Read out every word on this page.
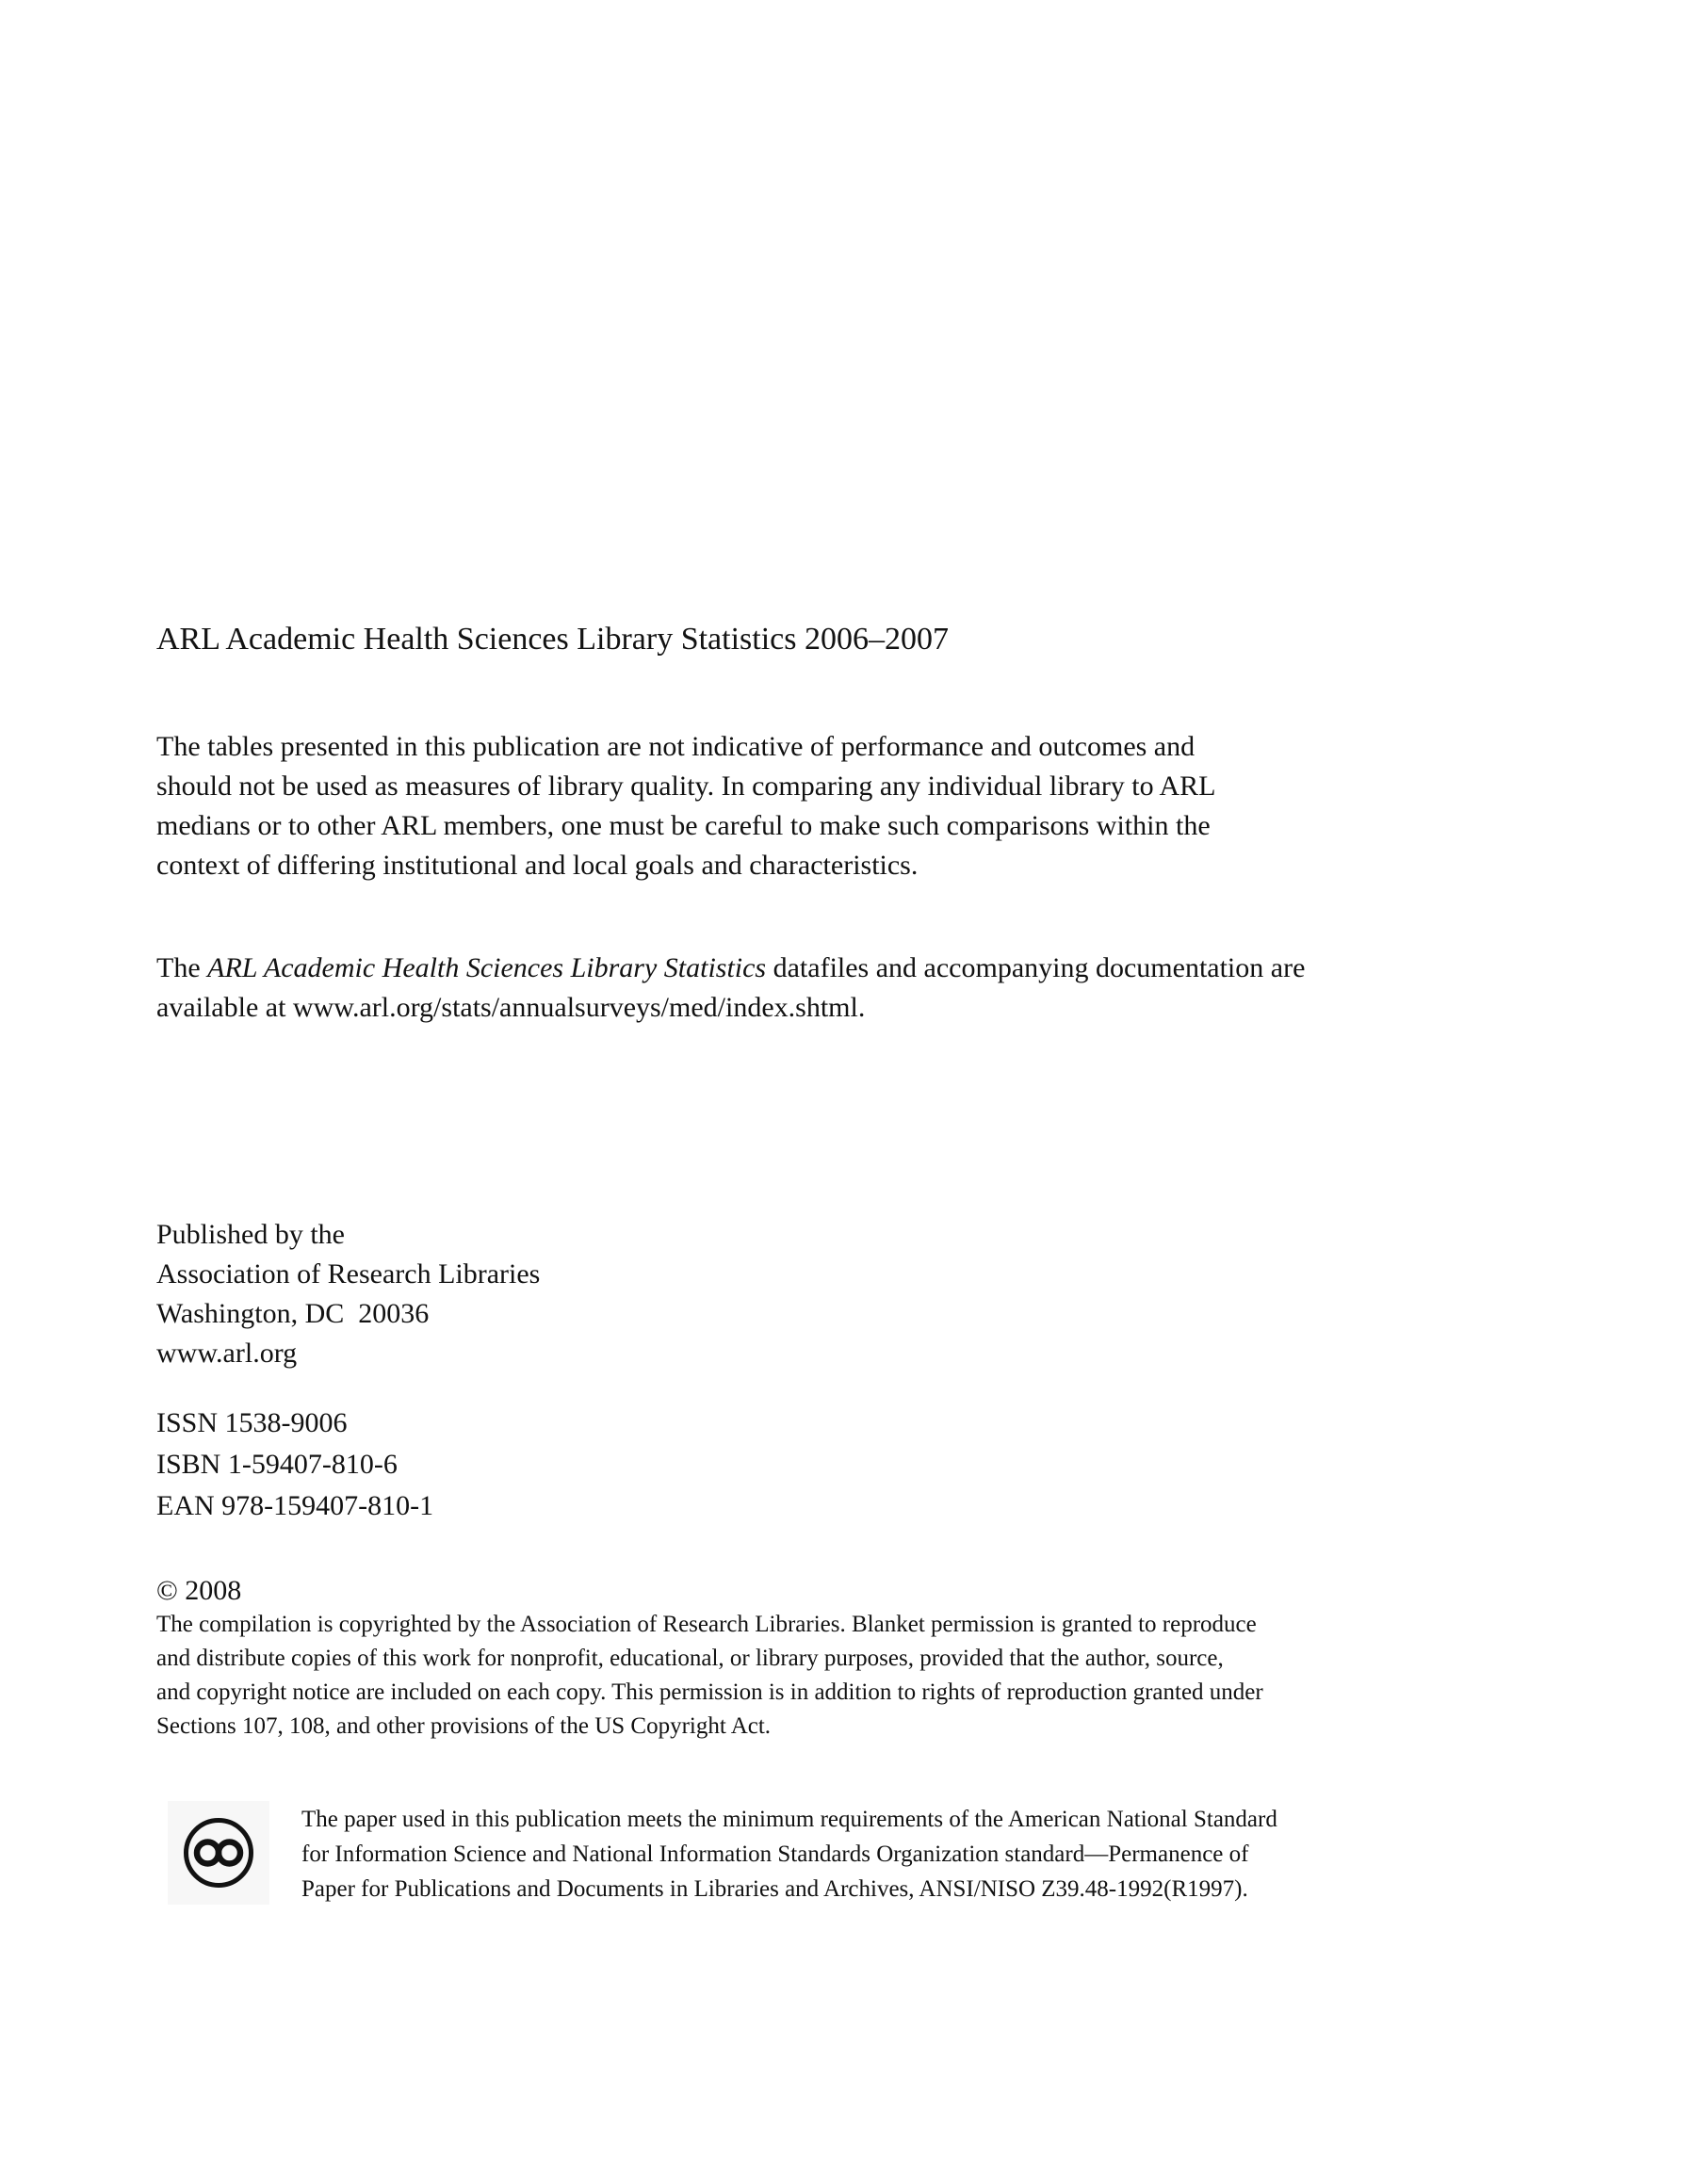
ARL Academic Health Sciences Library Statistics 2006–2007
The tables presented in this publication are not indicative of performance and outcomes and
should not be used as measures of library quality. In comparing any individual library to ARL
medians or to other ARL members, one must be careful to make such comparisons within the
context of differing institutional and local goals and characteristics.
The ARL Academic Health Sciences Library Statistics datafiles and accompanying documentation are
available at www.arl.org/stats/annualsurveys/med/index.shtml.
Published by the
Association of Research Libraries
Washington, DC  20036
www.arl.org
ISSN 1538-9006
ISBN 1-59407-810-6
EAN 978-159407-810-1
© 2008
The compilation is copyrighted by the Association of Research Libraries. Blanket permission is granted to reproduce
and distribute copies of this work for nonprofit, educational, or library purposes, provided that the author, source,
and copyright notice are included on each copy. This permission is in addition to rights of reproduction granted under
Sections 107, 108, and other provisions of the US Copyright Act.
The paper used in this publication meets the minimum requirements of the American National Standard
for Information Science and National Information Standards Organization standard—Permanence of
Paper for Publications and Documents in Libraries and Archives, ANSI/NISO Z39.48-1992(R1997).
